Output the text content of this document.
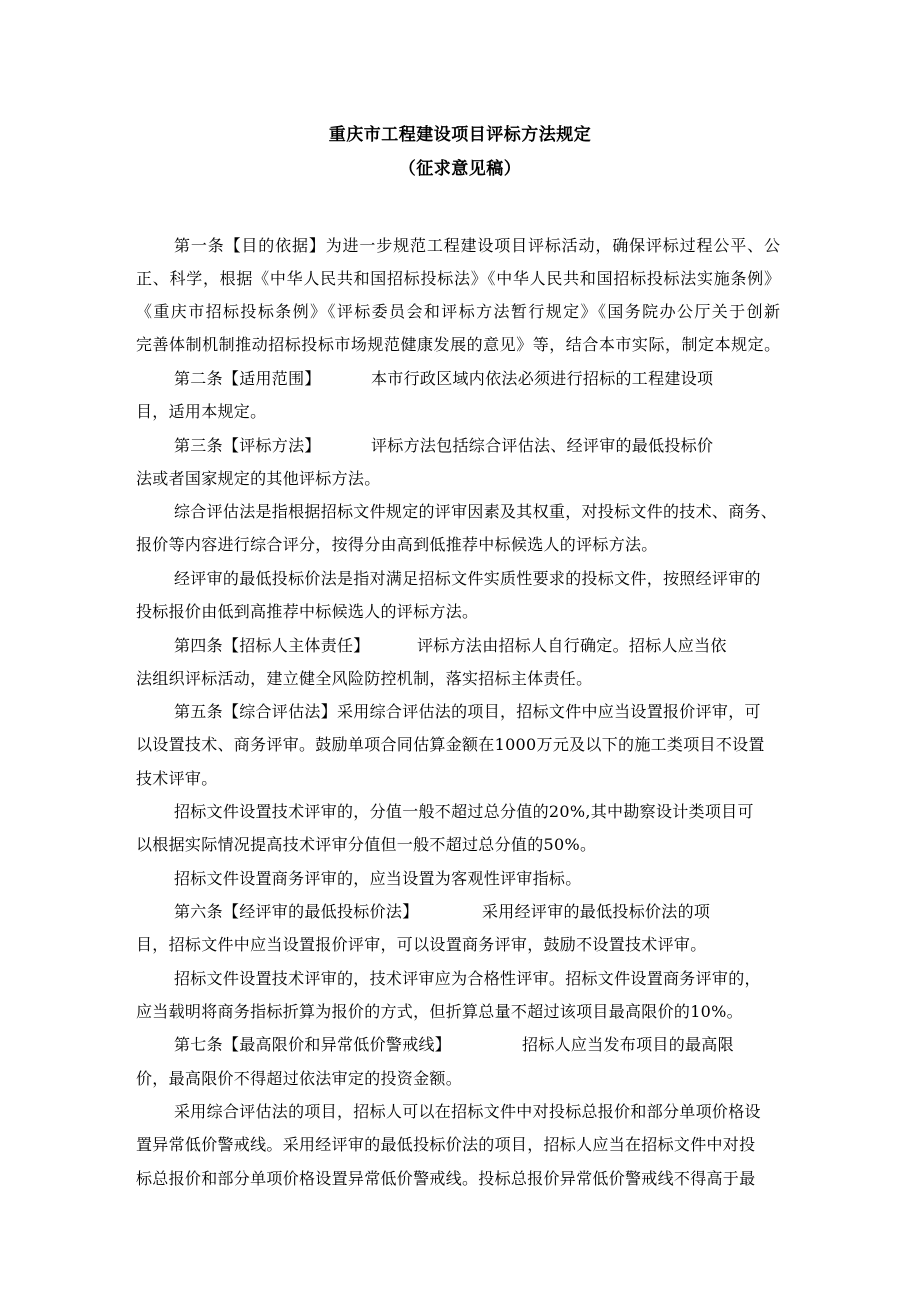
重庆市工程建设项目评标方法规定
（征求意见稿）
第一条【目的依据】为进一步规范工程建设项目评标活动，确保评标过程公平、公
正、科学，根据《中华人民共和国招标投标法》《中华人民共和国招标投标法实施条例》
《重庆市招标投标条例》《评标委员会和评标方法暂行规定》《国务院办公厅关于创新
完善体制机制推动招标投标市场规范健康发展的意见》等，结合本市实际，制定本规定。
第二条【适用范围】	本市行政区域内依法必须进行招标的工程建设项
目，适用本规定。
第三条【评标方法】	评标方法包括综合评估法、经评审的最低投标价
法或者国家规定的其他评标方法。
综合评估法是指根据招标文件规定的评审因素及其权重，对投标文件的技术、商务、
报价等内容进行综合评分，按得分由高到低推荐中标候选人的评标方法。
经评审的最低投标价法是指对满足招标文件实质性要求的投标文件，按照经评审的
投标报价由低到高推荐中标候选人的评标方法。
第四条【招标人主体责任】	评标方法由招标人自行确定。招标人应当依
法组织评标活动，建立健全风险防控机制，落实招标主体责任。
第五条【综合评估法】采用综合评估法的项目，招标文件中应当设置报价评审，可
以设置技术、商务评审。鼓励单项合同估算金额在1000万元及以下的施工类项目不设置
技术评审。
招标文件设置技术评审的，分值一般不超过总分值的20%,其中勘察设计类项目可
以根据实际情况提高技术评审分值但一般不超过总分值的50%。
招标文件设置商务评审的，应当设置为客观性评审指标。
第六条【经评审的最低投标价法】	采用经评审的最低投标价法的项
目，招标文件中应当设置报价评审，可以设置商务评审，鼓励不设置技术评审。
招标文件设置技术评审的，技术评审应为合格性评审。招标文件设置商务评审的，
应当载明将商务指标折算为报价的方式，但折算总量不超过该项目最高限价的10%。
第七条【最高限价和异常低价警戒线】	招标人应当发布项目的最高限
价，最高限价不得超过依法审定的投资金额。
采用综合评估法的项目，招标人可以在招标文件中对投标总报价和部分单项价格设
置异常低价警戒线。采用经评审的最低投标价法的项目，招标人应当在招标文件中对投
标总报价和部分单项价格设置异常低价警戒线。投标总报价异常低价警戒线不得高于最
